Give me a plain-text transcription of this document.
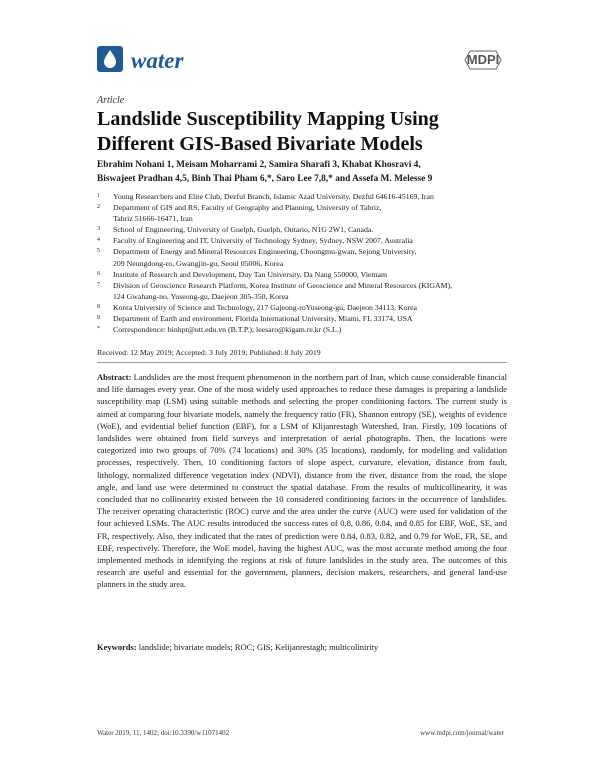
water	MDPI
Article
Landslide Susceptibility Mapping Using Different GIS-Based Bivariate Models
Ebrahim Nohani 1, Meisam Moharrami 2, Samira Sharafi 3, Khabat Khosravi 4,
Biswajeet Pradhan 4,5, Binh Thai Pham 6,*, Saro Lee 7,8,* and Assefa M. Melesse 9
1 Young Researchers and Elite Club, Dezful Branch, Islamic Azad University, Dezful 64616-45169, Iran
2 Department of GIS and RS, Faculty of Geography and Planning, University of Tabriz,
Tabriz 51666-16471, Iran
3 School of Engineering, University of Guelph, Guelph, Ontario, N1G 2W1, Canada.
4 Faculty of Engineering and IT, University of Technology Sydney, Sydney, NSW 2007, Australia
5 Department of Energy and Mineral Resources Engineering, Choongmu-gwan, Sejong University,
209 Neungdong-ro, Gwangjin-gu, Seoul 05006, Korea
6 Institute of Research and Development, Duy Tan University, Da Nang 550000, Vietnam
7 Division of Geoscience Research Platform, Korea Institute of Geoscience and Mineral Resources (KIGAM),
124 Gwahang-no, Yuseong-gu, Daejeon 305-350, Korea
8 Korea University of Science and Technology, 217 Gajeong-roYuseong-gu, Daejeon 34113, Korea
9 Department of Earth and environment, Florida International University, Miami, FL 33174, USA
* Correspondence: binhpt@utt.edu.vn (B.T.P.); leesaro@kigam.re.kr (S.L.)
Received: 12 May 2019; Accepted: 3 July 2019; Published: 8 July 2019
Abstract: Landslides are the most frequent phenomenon in the northern part of Iran, which cause considerable financial and life damages every year. One of the most widely used approaches to reduce these damages is preparing a landslide susceptibility map (LSM) using suitable methods and selecting the proper conditioning factors. The current study is aimed at comparing four bivariate models, namely the frequency ratio (FR), Shannon entropy (SE), weights of evidence (WoE), and evidential belief function (EBF), for a LSM of Klijanrestagh Watershed, Iran. Firstly, 109 locations of landslides were obtained from field surveys and interpretation of aerial photographs. Then, the locations were categorized into two groups of 70% (74 locations) and 30% (35 locations), randomly, for modeling and validation processes, respectively. Then, 10 conditioning factors of slope aspect, curvature, elevation, distance from fault, lithology, normalized difference vegetation index (NDVI), distance from the river, distance from the road, the slope angle, and land use were determined to construct the spatial database. From the results of multicollinearity, it was concluded that no collinearity existed between the 10 considered conditioning factors in the occurrence of landslides. The receiver operating characteristic (ROC) curve and the area under the curve (AUC) were used for validation of the four achieved LSMs. The AUC results introduced the success rates of 0.8, 0.86, 0.84, and 0.85 for EBF, WoE, SE, and FR, respectively. Also, they indicated that the rates of prediction were 0.84, 0.83, 0.82, and 0.79 for WoE, FR, SE, and EBF, respectively. Therefore, the WoE model, having the highest AUC, was the most accurate method among the four implemented methods in identifying the regions at risk of future landslides in the study area. The outcomes of this research are useful and essential for the government, planners, decision makers, researchers, and general land-use planners in the study area.
Keywords: landslide; bivariate models; ROC; GIS; Kelijanrestagh; multicolinirity
Water 2019, 11, 1402; doi:10.3390/w11071402	www.mdpi.com/journal/water
